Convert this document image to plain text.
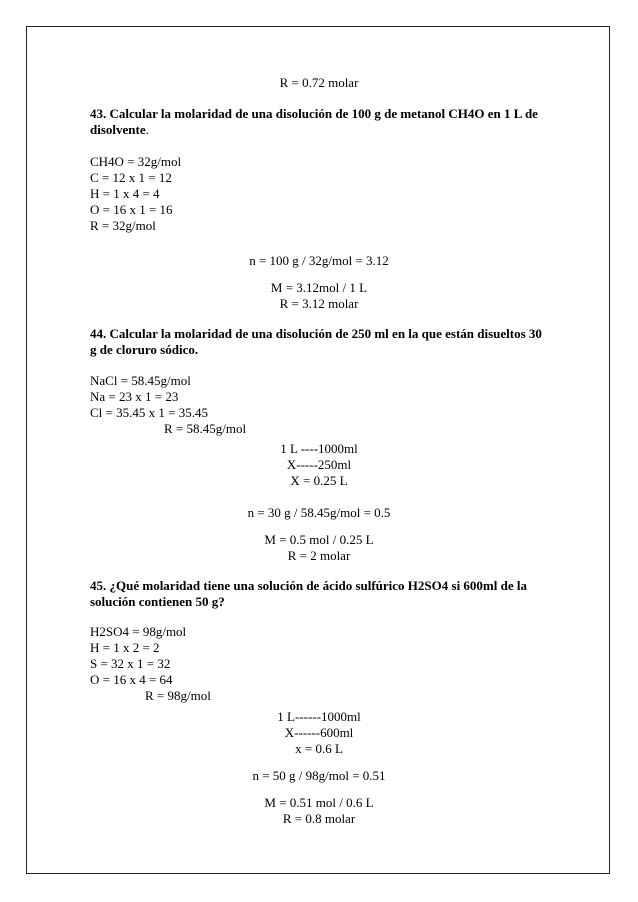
R = 0.72 molar

43. Calcular la molaridad de una disolución de 100 g de metanol CH4O en 1 L de

disolvente.

CH4O = 32g/mol

C = 12 x 1 = 12

H = 1 x 4 = 4

O = 16 x 1 = 16

R = 32g/mol

n = 100 g / 32g/mol = 3.12

M = 3.12mol / 1 L

R = 3.12 molar

44. Calcular la molaridad de una disolución de 250 ml en la que están disueltos 30

g de cloruro sódico.

NaCl = 58.45g/mol

Na = 23 x 1 = 23

Cl = 35.45 x 1 = 35.45

R = 58.45g/mol

1 L ----1000ml

X-----250ml

X = 0.25 L

n = 30 g / 58.45g/mol = 0.5

M = 0.5 mol / 0.25 L

R = 2 molar

45. ¿Qué molaridad tiene una solución de ácido sulfúrico H2SO4 si 600ml de la

solución contienen 50 g?

H2SO4 = 98g/mol

H = 1 x 2 = 2

S = 32 x 1 = 32

O = 16 x 4 = 64

R = 98g/mol

1 L------1000ml

X------600ml

x = 0.6 L

n = 50 g / 98g/mol = 0.51

M = 0.51 mol / 0.6 L

R = 0.8 molar
